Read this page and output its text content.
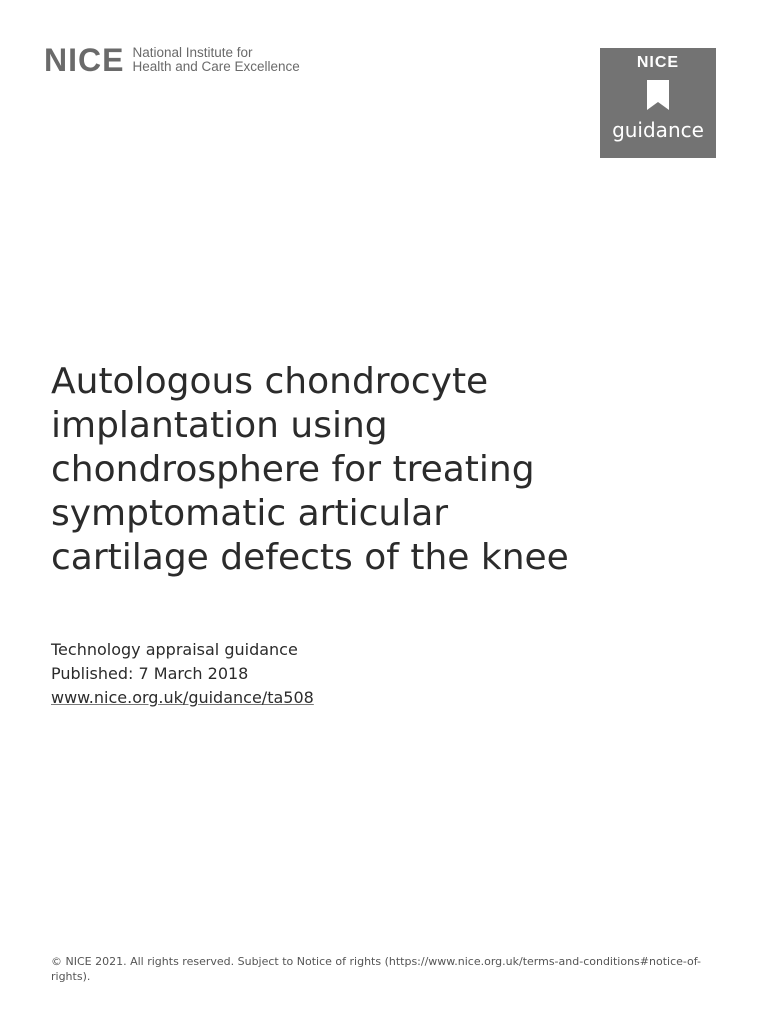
NICE National Institute for
Health and Care Excellence	NICE
guidance
Autologous chondrocyte
implantation using
chondrosphere for treating
symptomatic articular
cartilage defects of the knee
Technology appraisal guidance
Published: 7 March 2018
www.nice.org.uk/guidance/ta508
© NICE 2021. All rights reserved. Subject to Notice of rights (https://www.nice.org.uk/terms-and-conditions#notice-of-rights).
